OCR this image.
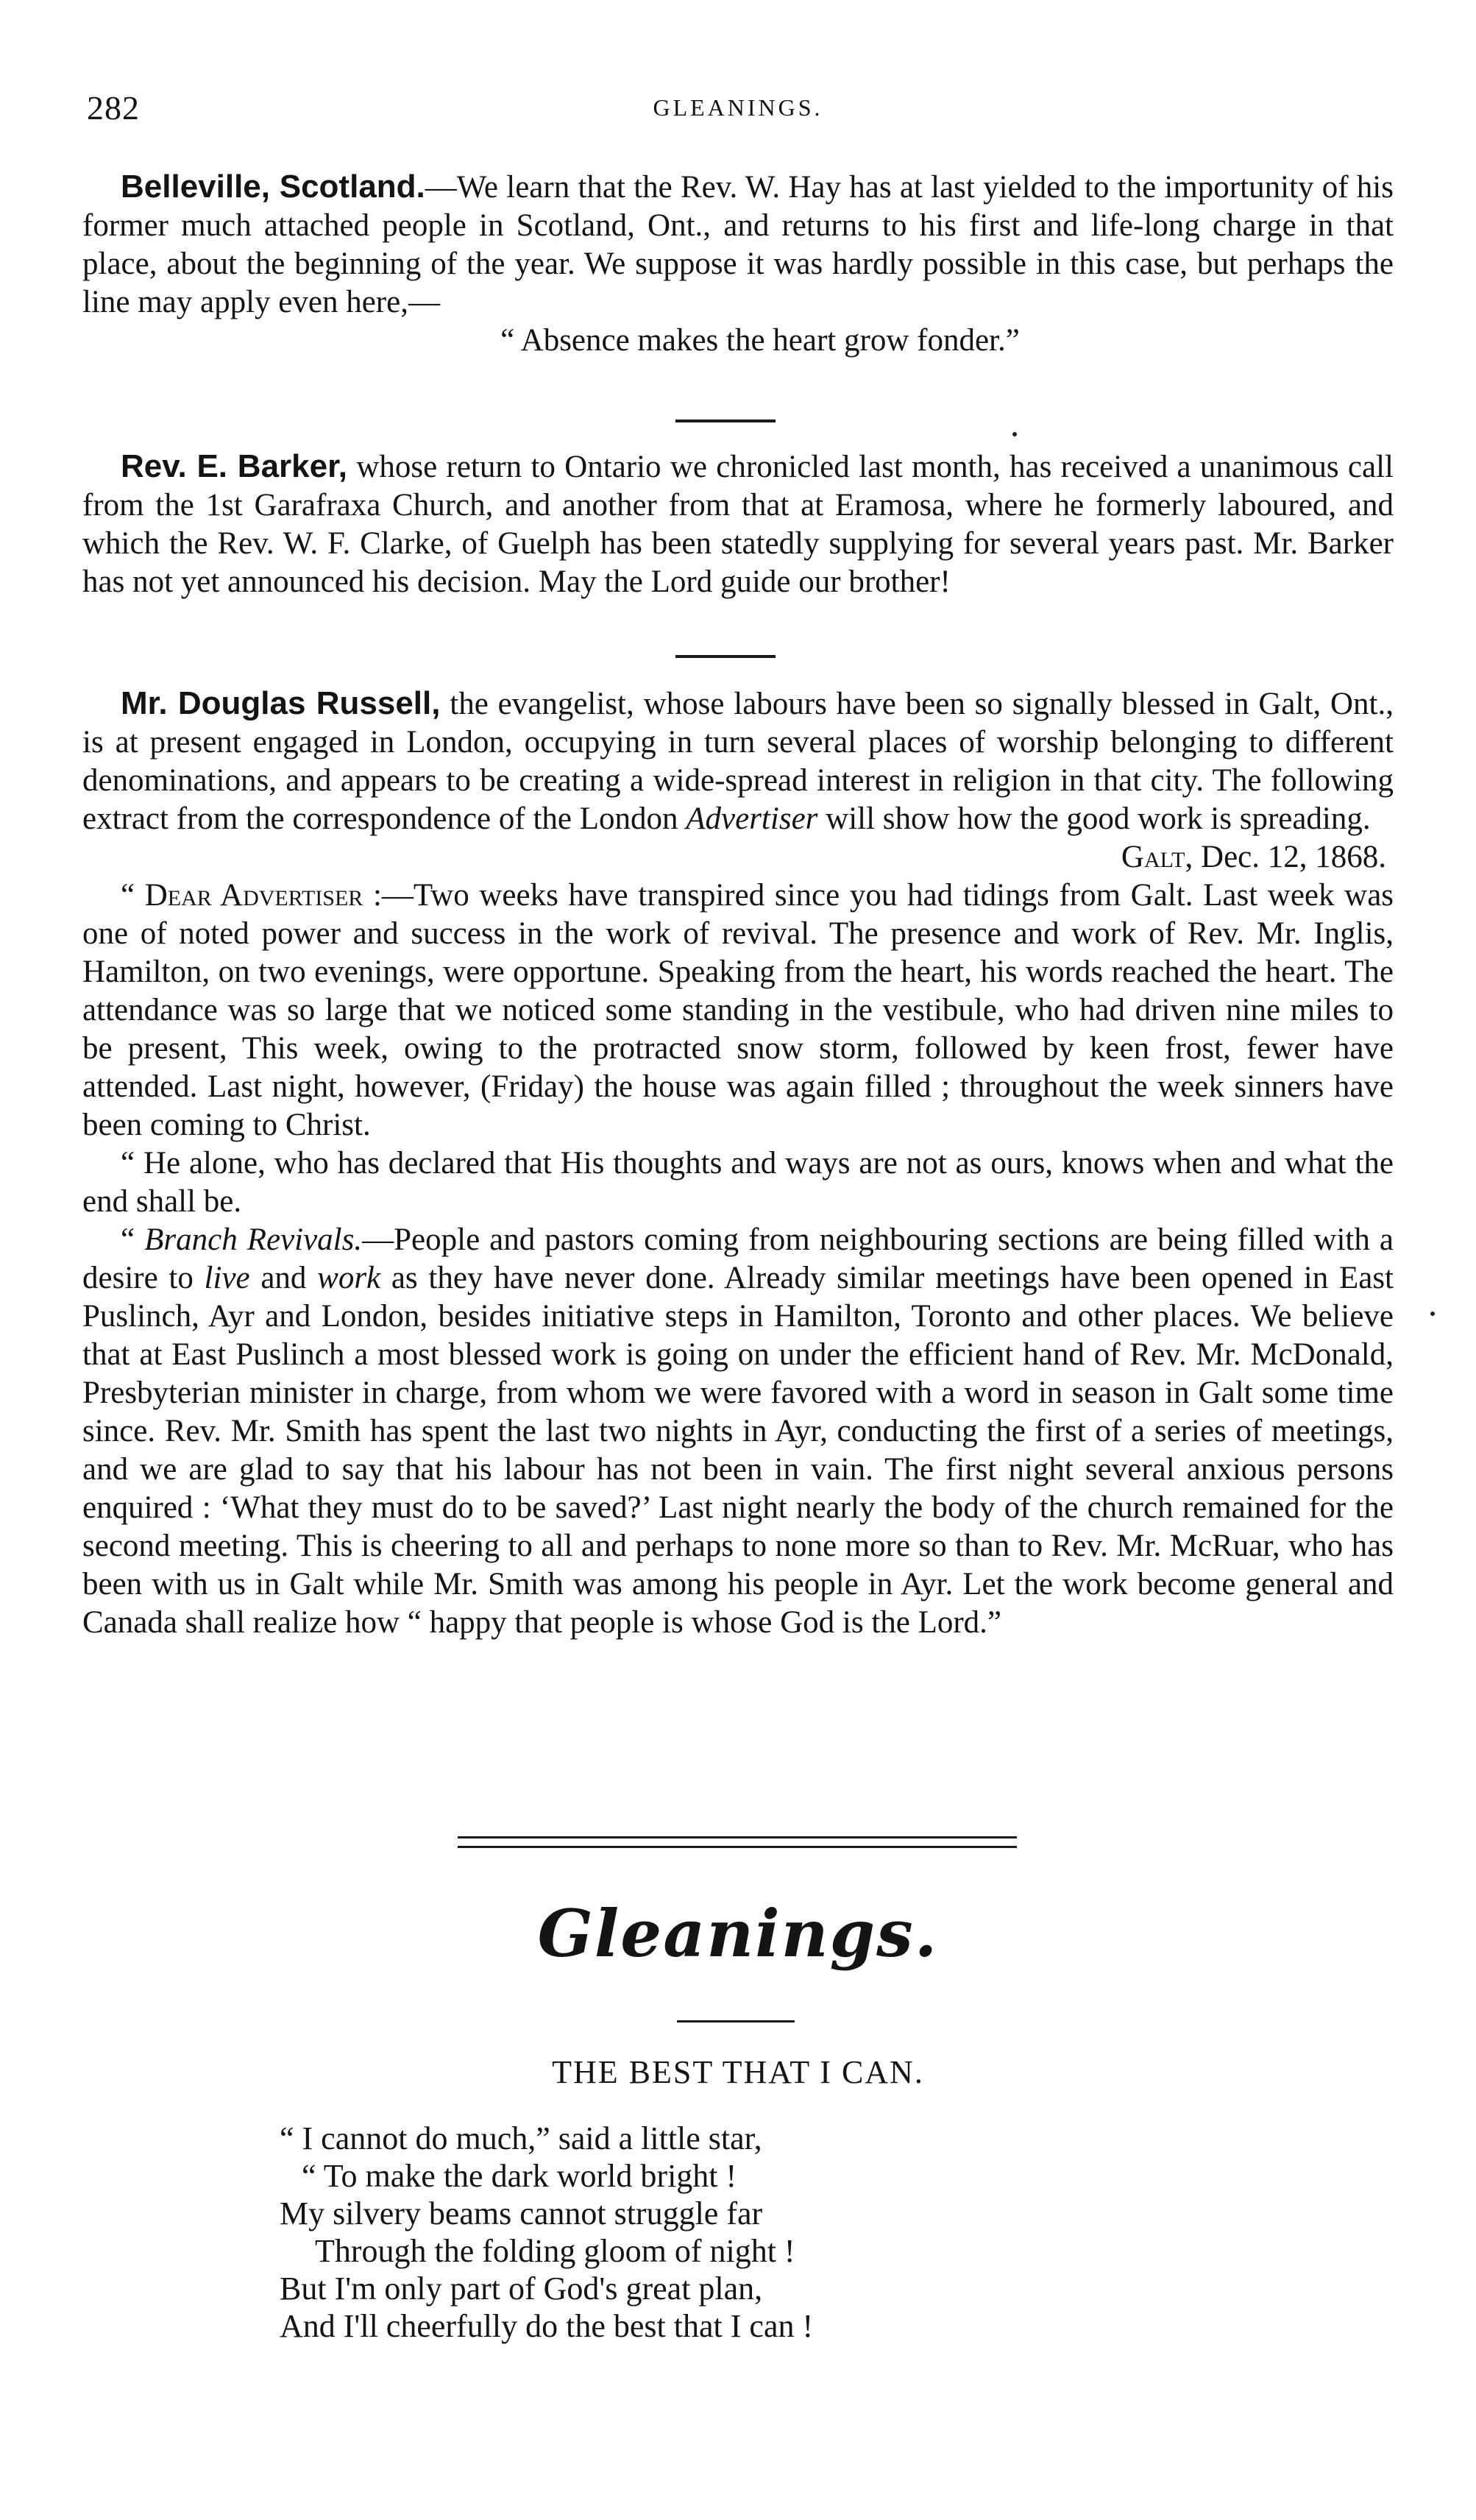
282	GLEANINGS.

Belleville, Scotland.—We learn that the Rev. W. Hay has at last yielded to the importunity of his former much attached people in Scotland, Ont., and returns to his first and life-long charge in that place, about the beginning of the year. We suppose it was hardly possible in this case, but perhaps the line may apply even here,—

“ Absence makes the heart grow fonder.”

Rev. E. Barker, whose return to Ontario we chronicled last month, has received a unanimous call from the 1st Garafraxa Church, and another from that at Eramosa, where he formerly laboured, and which the Rev. W. F. Clarke, of Guelph has been statedly supplying for several years past. Mr. Barker has not yet announced his decision. May the Lord guide our brother!

Mr. Douglas Russell, the evangelist, whose labours have been so signally blessed in Galt, Ont., is at present engaged in London, occupying in turn several places of worship belonging to different denominations, and appears to be creating a wide-spread interest in religion in that city. The following extract from the correspondence of the London Advertiser will show how the good work is spreading.

Galt, Dec. 12, 1868.

“ Dear Advertiser :—Two weeks have transpired since you had tidings from Galt. Last week was one of noted power and success in the work of revival. The presence and work of Rev. Mr. Inglis, Hamilton, on two evenings, were opportune. Speaking from the heart, his words reached the heart. The attendance was so large that we noticed some standing in the vestibule, who had driven nine miles to be present, This week, owing to the protracted snow storm, followed by keen frost, fewer have attended. Last night, however, (Friday) the house was again filled ; throughout the week sinners have been coming to Christ.

“ He alone, who has declared that His thoughts and ways are not as ours, knows when and what the end shall be.

“ Branch Revivals.—People and pastors coming from neighbouring sections are being filled with a desire to live and work as they have never done. Already similar meetings have been opened in East Puslinch, Ayr and London, besides initiative steps in Hamilton, Toronto and other places. We believe that at East Puslinch a most blessed work is going on under the efficient hand of Rev. Mr. McDonald, Presbyterian minister in charge, from whom we were favored with a word in season in Galt some time since. Rev. Mr. Smith has spent the last two nights in Ayr, conducting the first of a series of meetings, and we are glad to say that his labour has not been in vain. The first night several anxious persons enquired : ‘What they must do to be saved?’ Last night nearly the body of the church remained for the second meeting. This is cheering to all and perhaps to none more so than to Rev. Mr. McRuar, who has been with us in Galt while Mr. Smith was among his people in Ayr. Let the work become general and Canada shall realize how “ happy that people is whose God is the Lord.”

Gleanings.
THE BEST THAT I CAN.
“ I cannot do much,” said a little star,
“ To make the dark world bright !
My silvery beams cannot struggle far
Through the folding gloom of night !
But I'm only part of God's great plan,
And I'll cheerfully do the best that I can !
